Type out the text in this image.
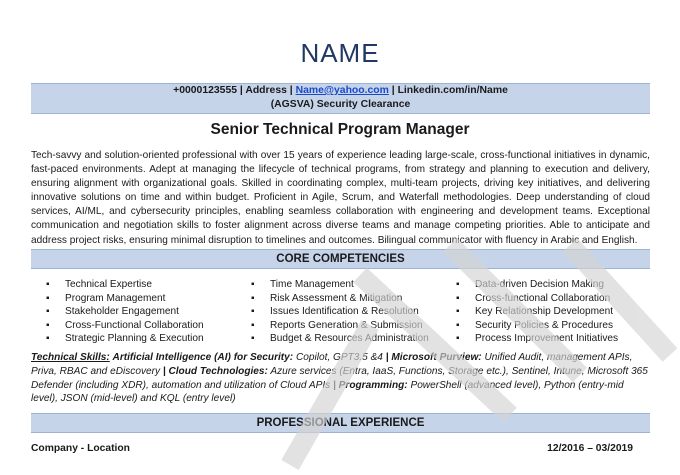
NAME
+0000123555 | Address | Name@yahoo.com | Linkedin.com/in/Name
(AGSVA) Security Clearance
Senior Technical Program Manager
Tech-savvy and solution-oriented professional with over 15 years of experience leading large-scale, cross-functional initiatives in dynamic, fast-paced environments. Adept at managing the lifecycle of technical programs, from strategy and planning to execution and delivery, ensuring alignment with organizational goals. Skilled in coordinating complex, multi-team projects, driving key initiatives, and delivering innovative solutions on time and within budget. Proficient in Agile, Scrum, and Waterfall methodologies. Deep understanding of cloud services, AI/ML, and cybersecurity principles, enabling seamless collaboration with engineering and development teams. Exceptional communication and negotiation skills to foster alignment across diverse teams and manage competing priorities. Able to anticipate and address project risks, ensuring minimal disruption to timelines and outcomes. Bilingual communicator with fluency in Arabic and English.
CORE COMPETENCIES
▪ Technical Expertise
▪ Program Management
▪ Stakeholder Engagement
▪ Cross-Functional Collaboration
▪ Strategic Planning & Execution
▪ Time Management
▪ Risk Assessment & Mitigation
▪ Issues Identification & Resolution
▪ Reports Generation & Submission
▪ Budget & Resources Administration
▪ Data-driven Decision Making
▪ Cross-functional Collaboration
▪ Key Relationship Development
▪ Security Policies & Procedures
▪ Process Improvement Initiatives
Technical Skills: Artificial Intelligence (AI) for Security: Copilot, GPT3.5 &4 | Microsoft Purview: Unified Audit, management APIs, Priva, RBAC and eDiscovery | Cloud Technologies: Azure services (Entra, IaaS, Functions, Storage etc.), Sentinel, Intune, Microsoft 365 Defender (including XDR), automation and utilization of Cloud APIs | Programming: PowerShell (advanced level), Python (entry-mid level), JSON (mid-level) and KQL (entry level)
PROFESSIONAL EXPERIENCE
Company - Location	12/2016 – 03/2019
